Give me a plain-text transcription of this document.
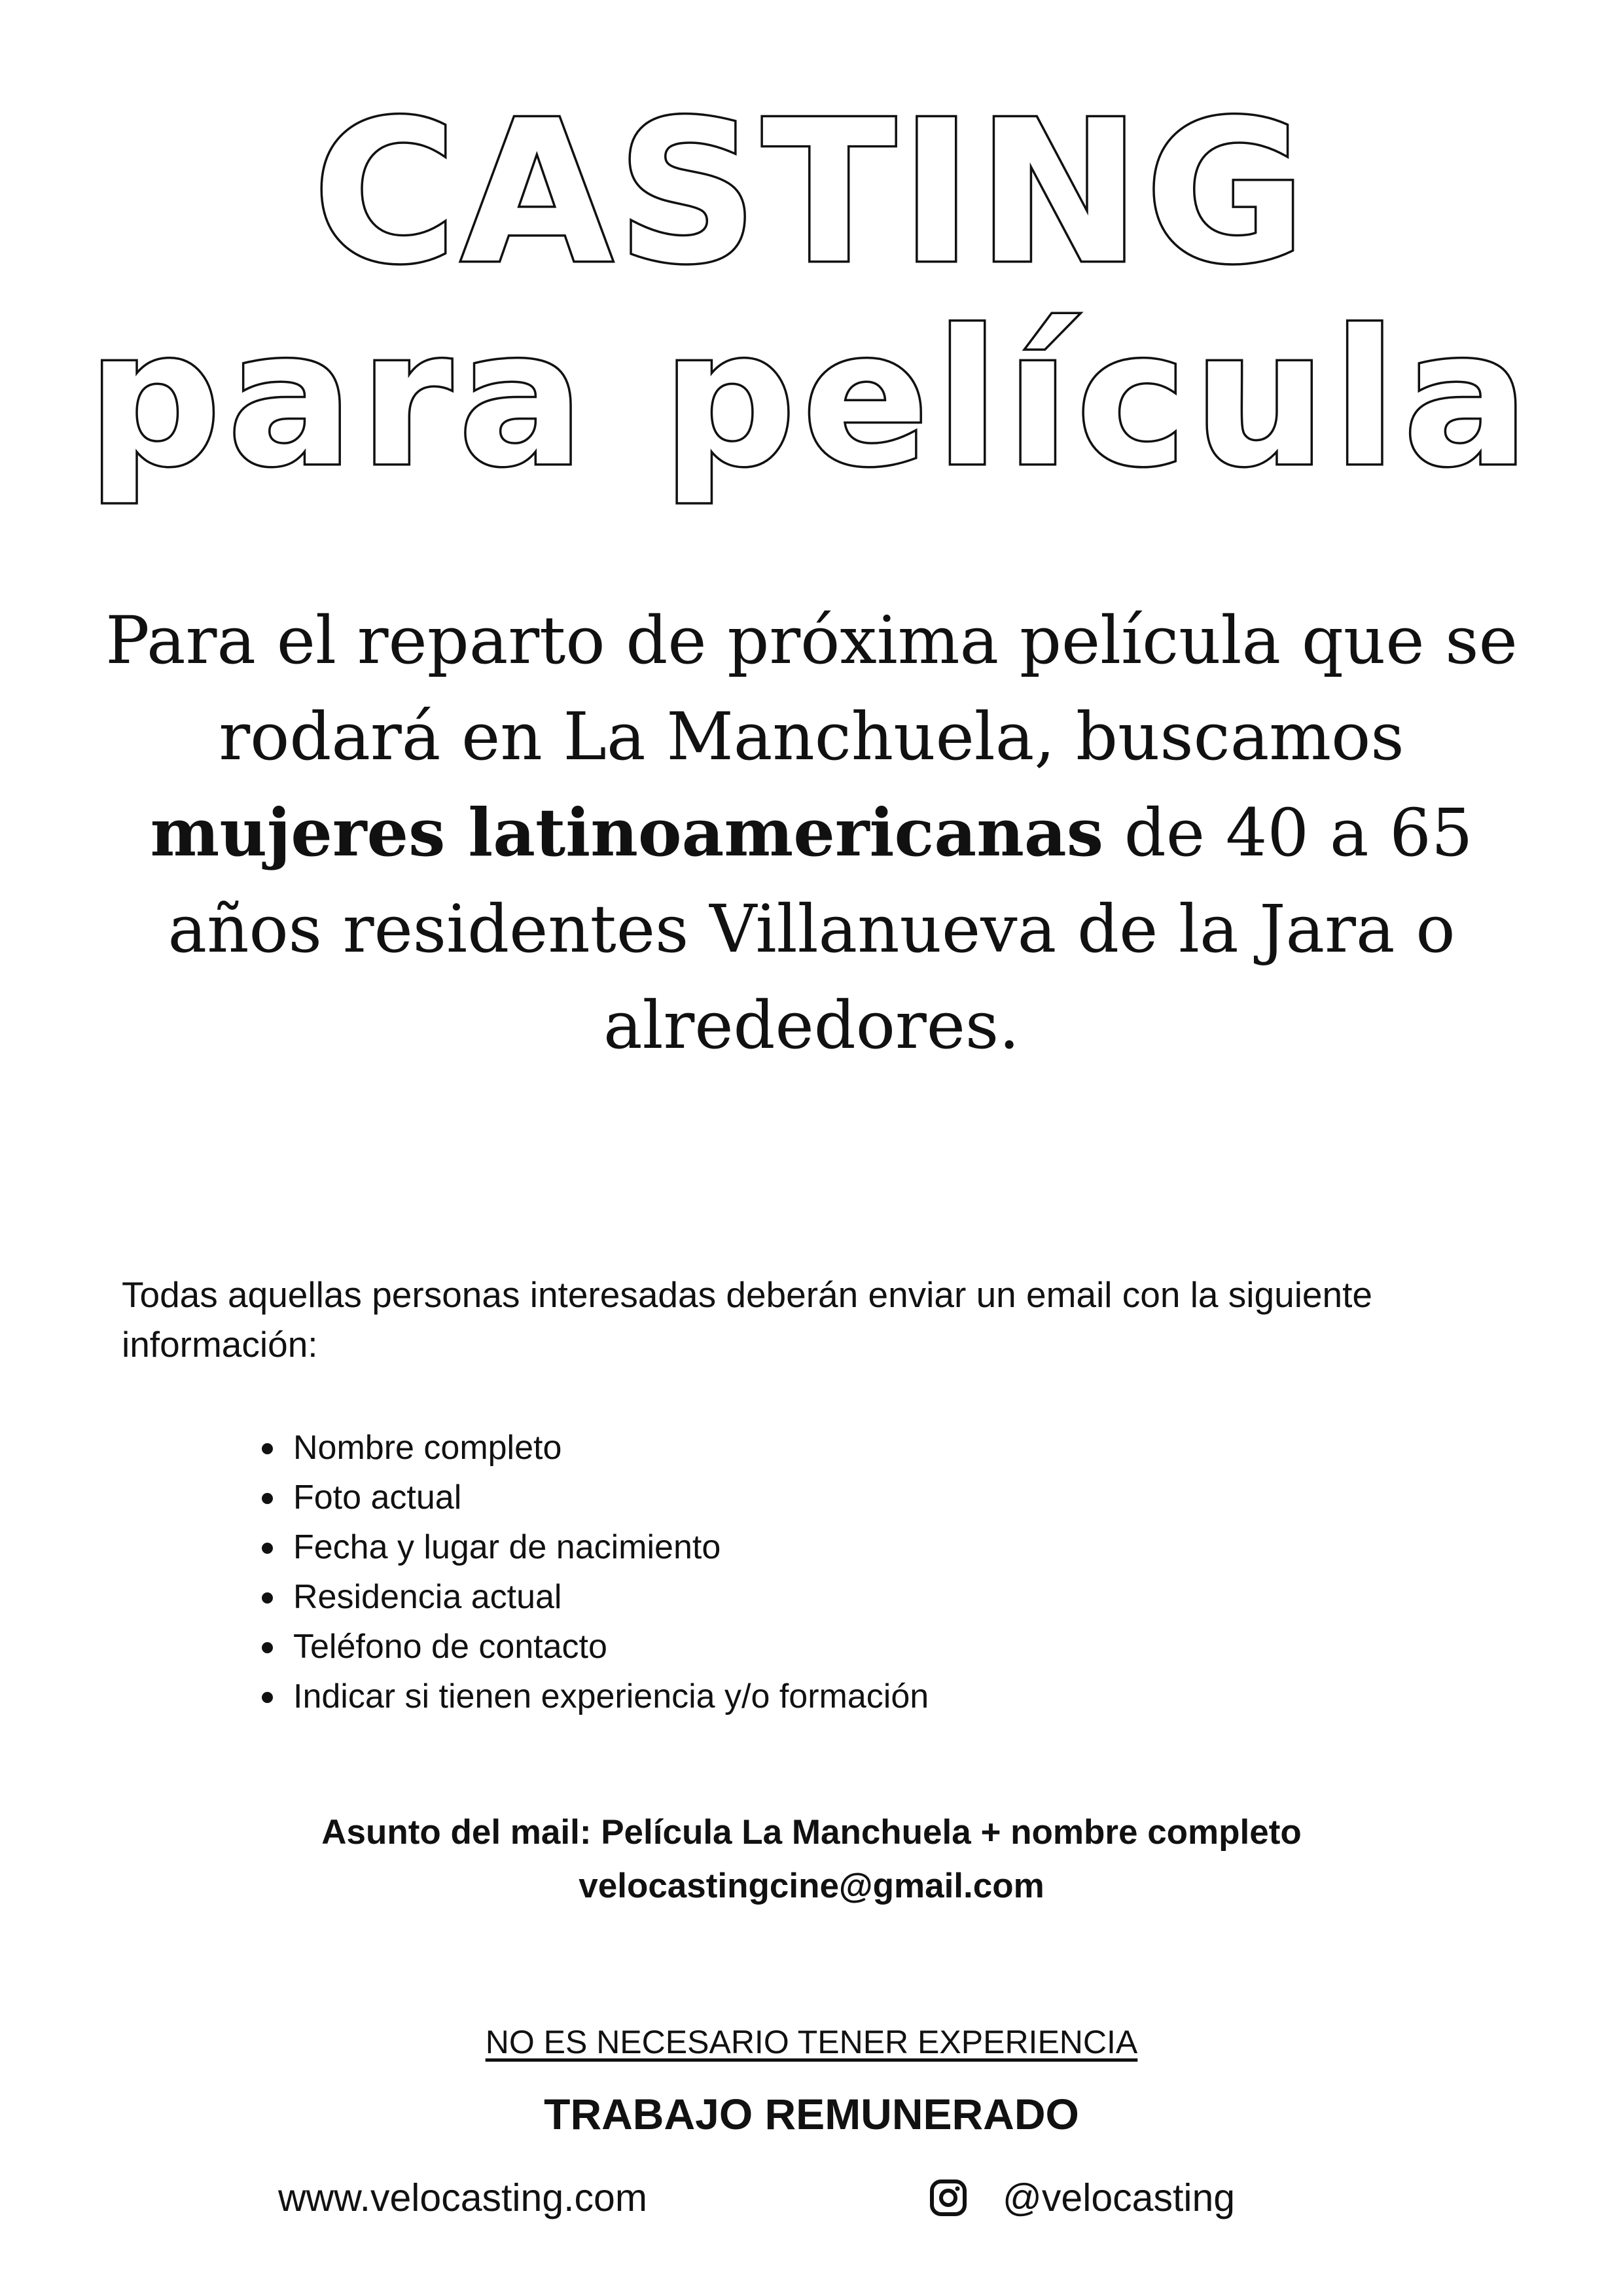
CASTING
para película

Para el reparto de próxima película que se rodará en La Manchuela, buscamos mujeres latinoamericanas de 40 a 65 años residentes Villanueva de la Jara o alrededores.

Todas aquellas personas interesadas deberán enviar un email con la siguiente información:

Nombre completo
Foto actual
Fecha y lugar de nacimiento
Residencia actual
Teléfono de contacto
Indicar si tienen experiencia y/o formación

Asunto del mail: Película La Manchuela + nombre completo

velocastingcine@gmail.com

NO ES NECESARIO TENER EXPERIENCIA

TRABAJO REMUNERADO

www.velocasting.com	@velocasting
